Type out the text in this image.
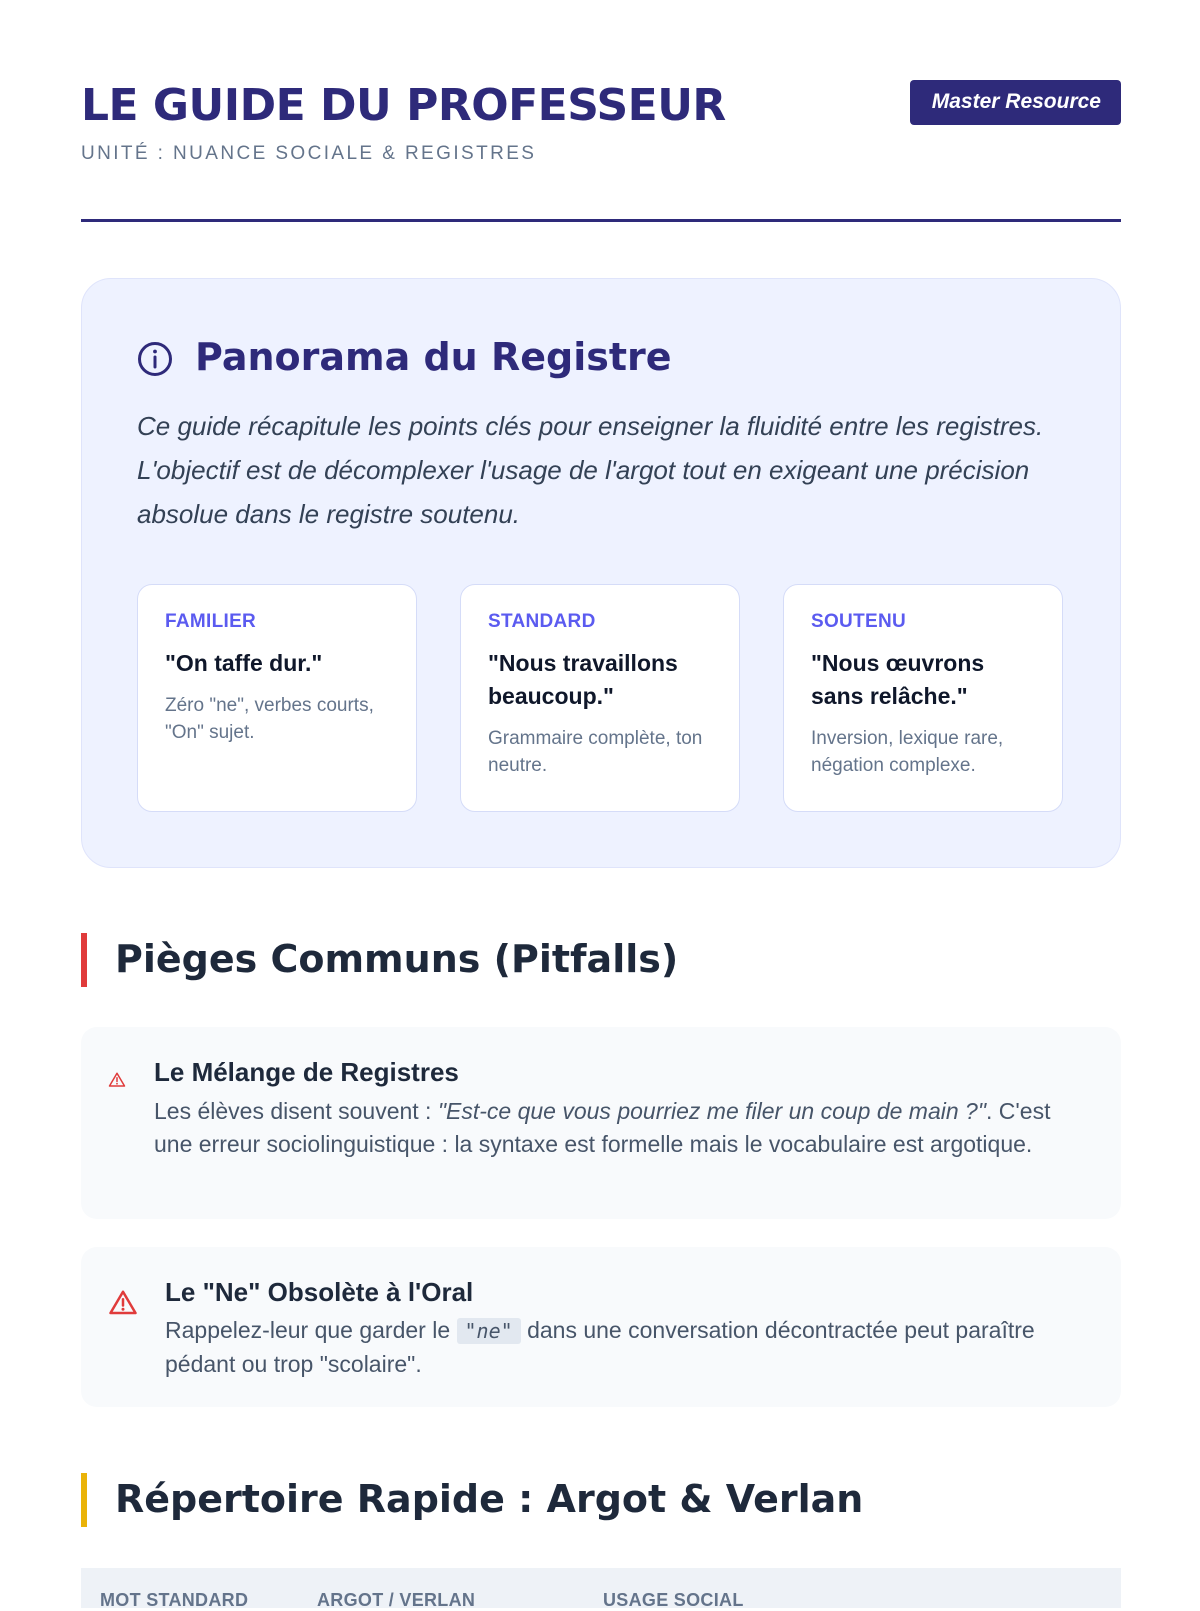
LE GUIDE DU PROFESSEUR
UNITÉ : NUANCE SOCIALE & REGISTRES
Master Resource
Panorama du Registre

Ce guide récapitule les points clés pour enseigner la fluidité entre les registres. L'objectif est de décomplexer l'usage de l'argot tout en exigeant une précision absolue dans le registre soutenu.

FAMILIER
"On taffe dur."
Zéro "ne", verbes courts, "On" sujet.
STANDARD
"Nous travaillons beaucoup."
Grammaire complète, ton neutre.
SOUTENU
"Nous œuvrons sans relâche."
Inversion, lexique rare, négation complexe.
Pièges Communs (Pitfalls)
Le Mélange de Registres
Les élèves disent souvent : "Est-ce que vous pourriez me filer un coup de main ?". C'est une erreur sociolinguistique : la syntaxe est formelle mais le vocabulaire est argotique.
Le "Ne" Obsolète à l'Oral
Rappelez-leur que garder le "ne" dans une conversation décontractée peut paraître pédant ou trop "scolaire".
Répertoire Rapide : Argot & Verlan
MOT STANDARD	ARGOT / VERLAN	USAGE SOCIAL
